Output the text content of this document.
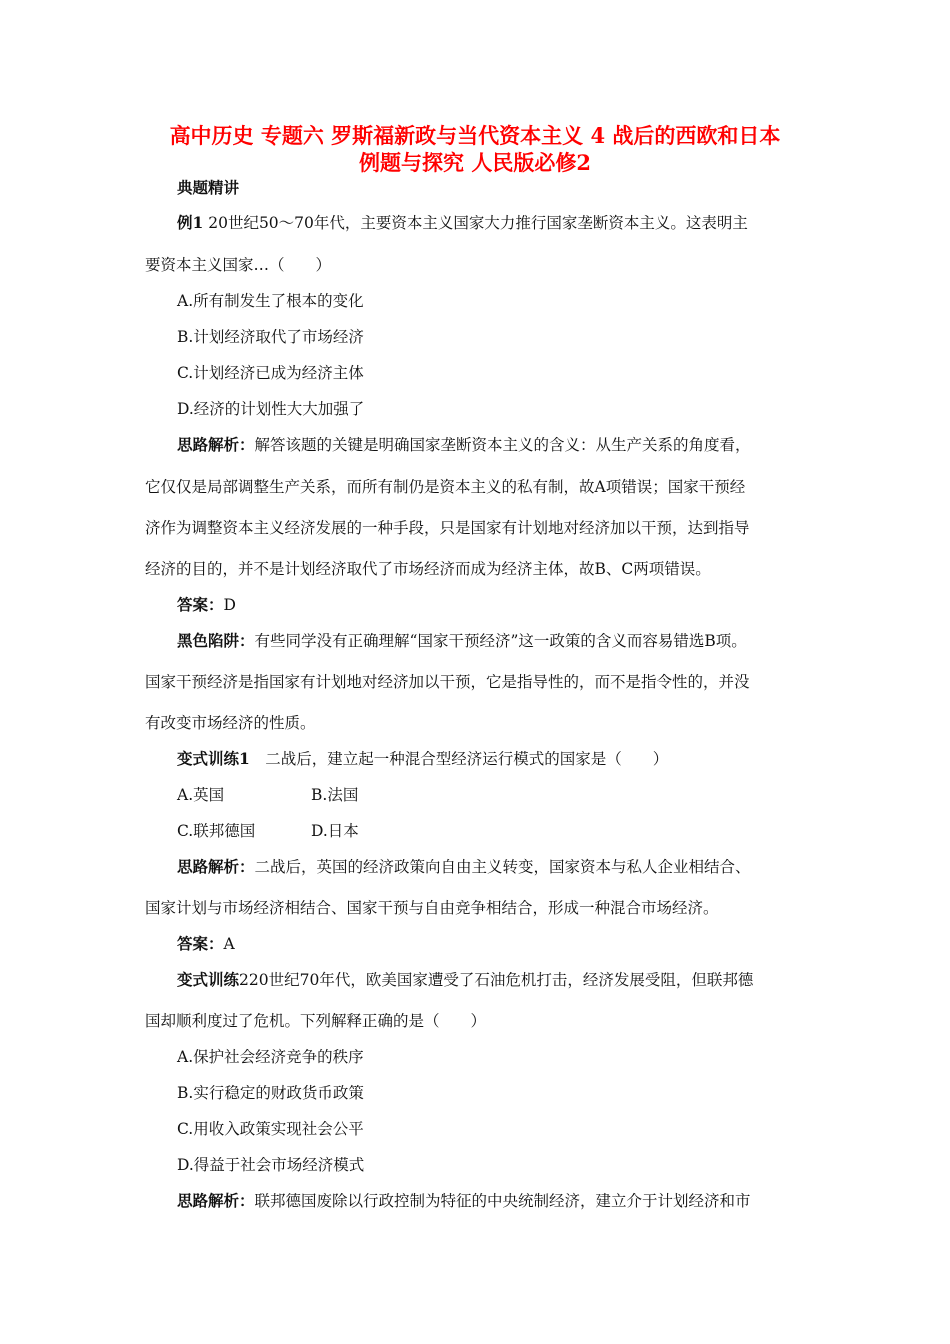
高中历史 专题六 罗斯福新政与当代资本主义 4 战后的西欧和日本
例题与探究 人民版必修2
典题精讲
例1 20世纪50～70年代，主要资本主义国家大力推行国家垄断资本主义。这表明主
要资本主义国家…（　　）
A.所有制发生了根本的变化
B.计划经济取代了市场经济
C.计划经济已成为经济主体
D.经济的计划性大大加强了
思路解析：解答该题的关键是明确国家垄断资本主义的含义：从生产关系的角度看，
它仅仅是局部调整生产关系，而所有制仍是资本主义的私有制，故A项错误；国家干预经
济作为调整资本主义经济发展的一种手段，只是国家有计划地对经济加以干预，达到指导
经济的目的，并不是计划经济取代了市场经济而成为经济主体，故B、C两项错误。
答案：D
黑色陷阱：有些同学没有正确理解“国家干预经济”这一政策的含义而容易错选B项。
国家干预经济是指国家有计划地对经济加以干预，它是指导性的，而不是指令性的，并没
有改变市场经济的性质。
变式训练1　二战后，建立起一种混合型经济运行模式的国家是（　　）
A.英国	B.法国
C.联邦德国	D.日本
思路解析：二战后，英国的经济政策向自由主义转变，国家资本与私人企业相结合、
国家计划与市场经济相结合、国家干预与自由竞争相结合，形成一种混合市场经济。
答案：A
变式训练220世纪70年代，欧美国家遭受了石油危机打击，经济发展受阻，但联邦德
国却顺利度过了危机。下列解释正确的是（　　）
A.保护社会经济竞争的秩序
B.实行稳定的财政货币政策
C.用收入政策实现社会公平
D.得益于社会市场经济模式
思路解析：联邦德国废除以行政控制为特征的中央统制经济，建立介于计划经济和市
